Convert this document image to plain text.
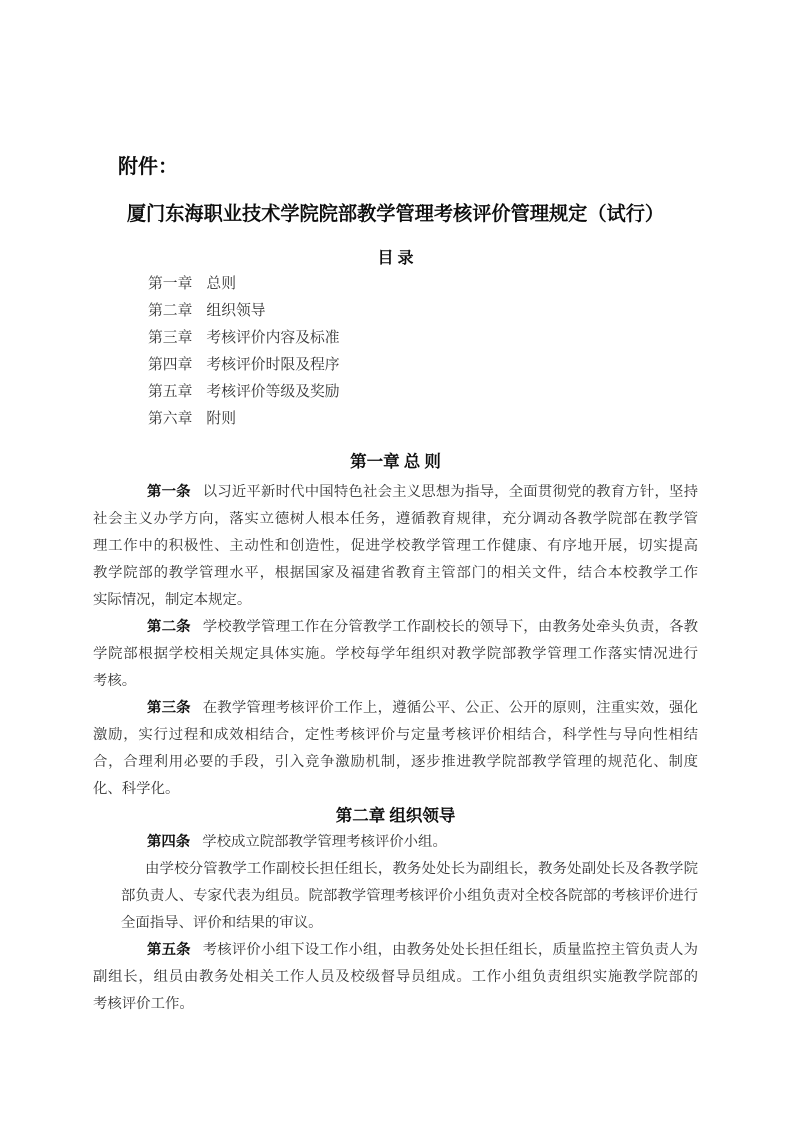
附件：
厦门东海职业技术学院院部教学管理考核评价管理规定（试行）
目 录
第一章 总则
第二章 组织领导
第三章 考核评价内容及标准
第四章 考核评价时限及程序
第五章 考核评价等级及奖励
第六章 附则
第一章 总 则
第一条 以习近平新时代中国特色社会主义思想为指导，全面贯彻党的教育方针，坚持
社会主义办学方向，落实立德树人根本任务，遵循教育规律，充分调动各教学院部在教学管
理工作中的积极性、主动性和创造性，促进学校教学管理工作健康、有序地开展，切实提高
教学院部的教学管理水平，根据国家及福建省教育主管部门的相关文件，结合本校教学工作
实际情况，制定本规定。
第二条 学校教学管理工作在分管教学工作副校长的领导下，由教务处牵头负责，各教
学院部根据学校相关规定具体实施。学校每学年组织对教学院部教学管理工作落实情况进行
考核。
第三条 在教学管理考核评价工作上，遵循公平、公正、公开的原则，注重实效，强化
激励，实行过程和成效相结合，定性考核评价与定量考核评价相结合，科学性与导向性相结
合，合理利用必要的手段，引入竞争激励机制，逐步推进教学院部教学管理的规范化、制度
化、科学化。
第二章 组织领导
第四条 学校成立院部教学管理考核评价小组。
由学校分管教学工作副校长担任组长，教务处处长为副组长，教务处副处长及各教学院
部负责人、专家代表为组员。院部教学管理考核评价小组负责对全校各院部的考核评价进行
全面指导、评价和结果的审议。
第五条 考核评价小组下设工作小组，由教务处处长担任组长，质量监控主管负责人为
副组长，组员由教务处相关工作人员及校级督导员组成。工作小组负责组织实施教学院部的
考核评价工作。
